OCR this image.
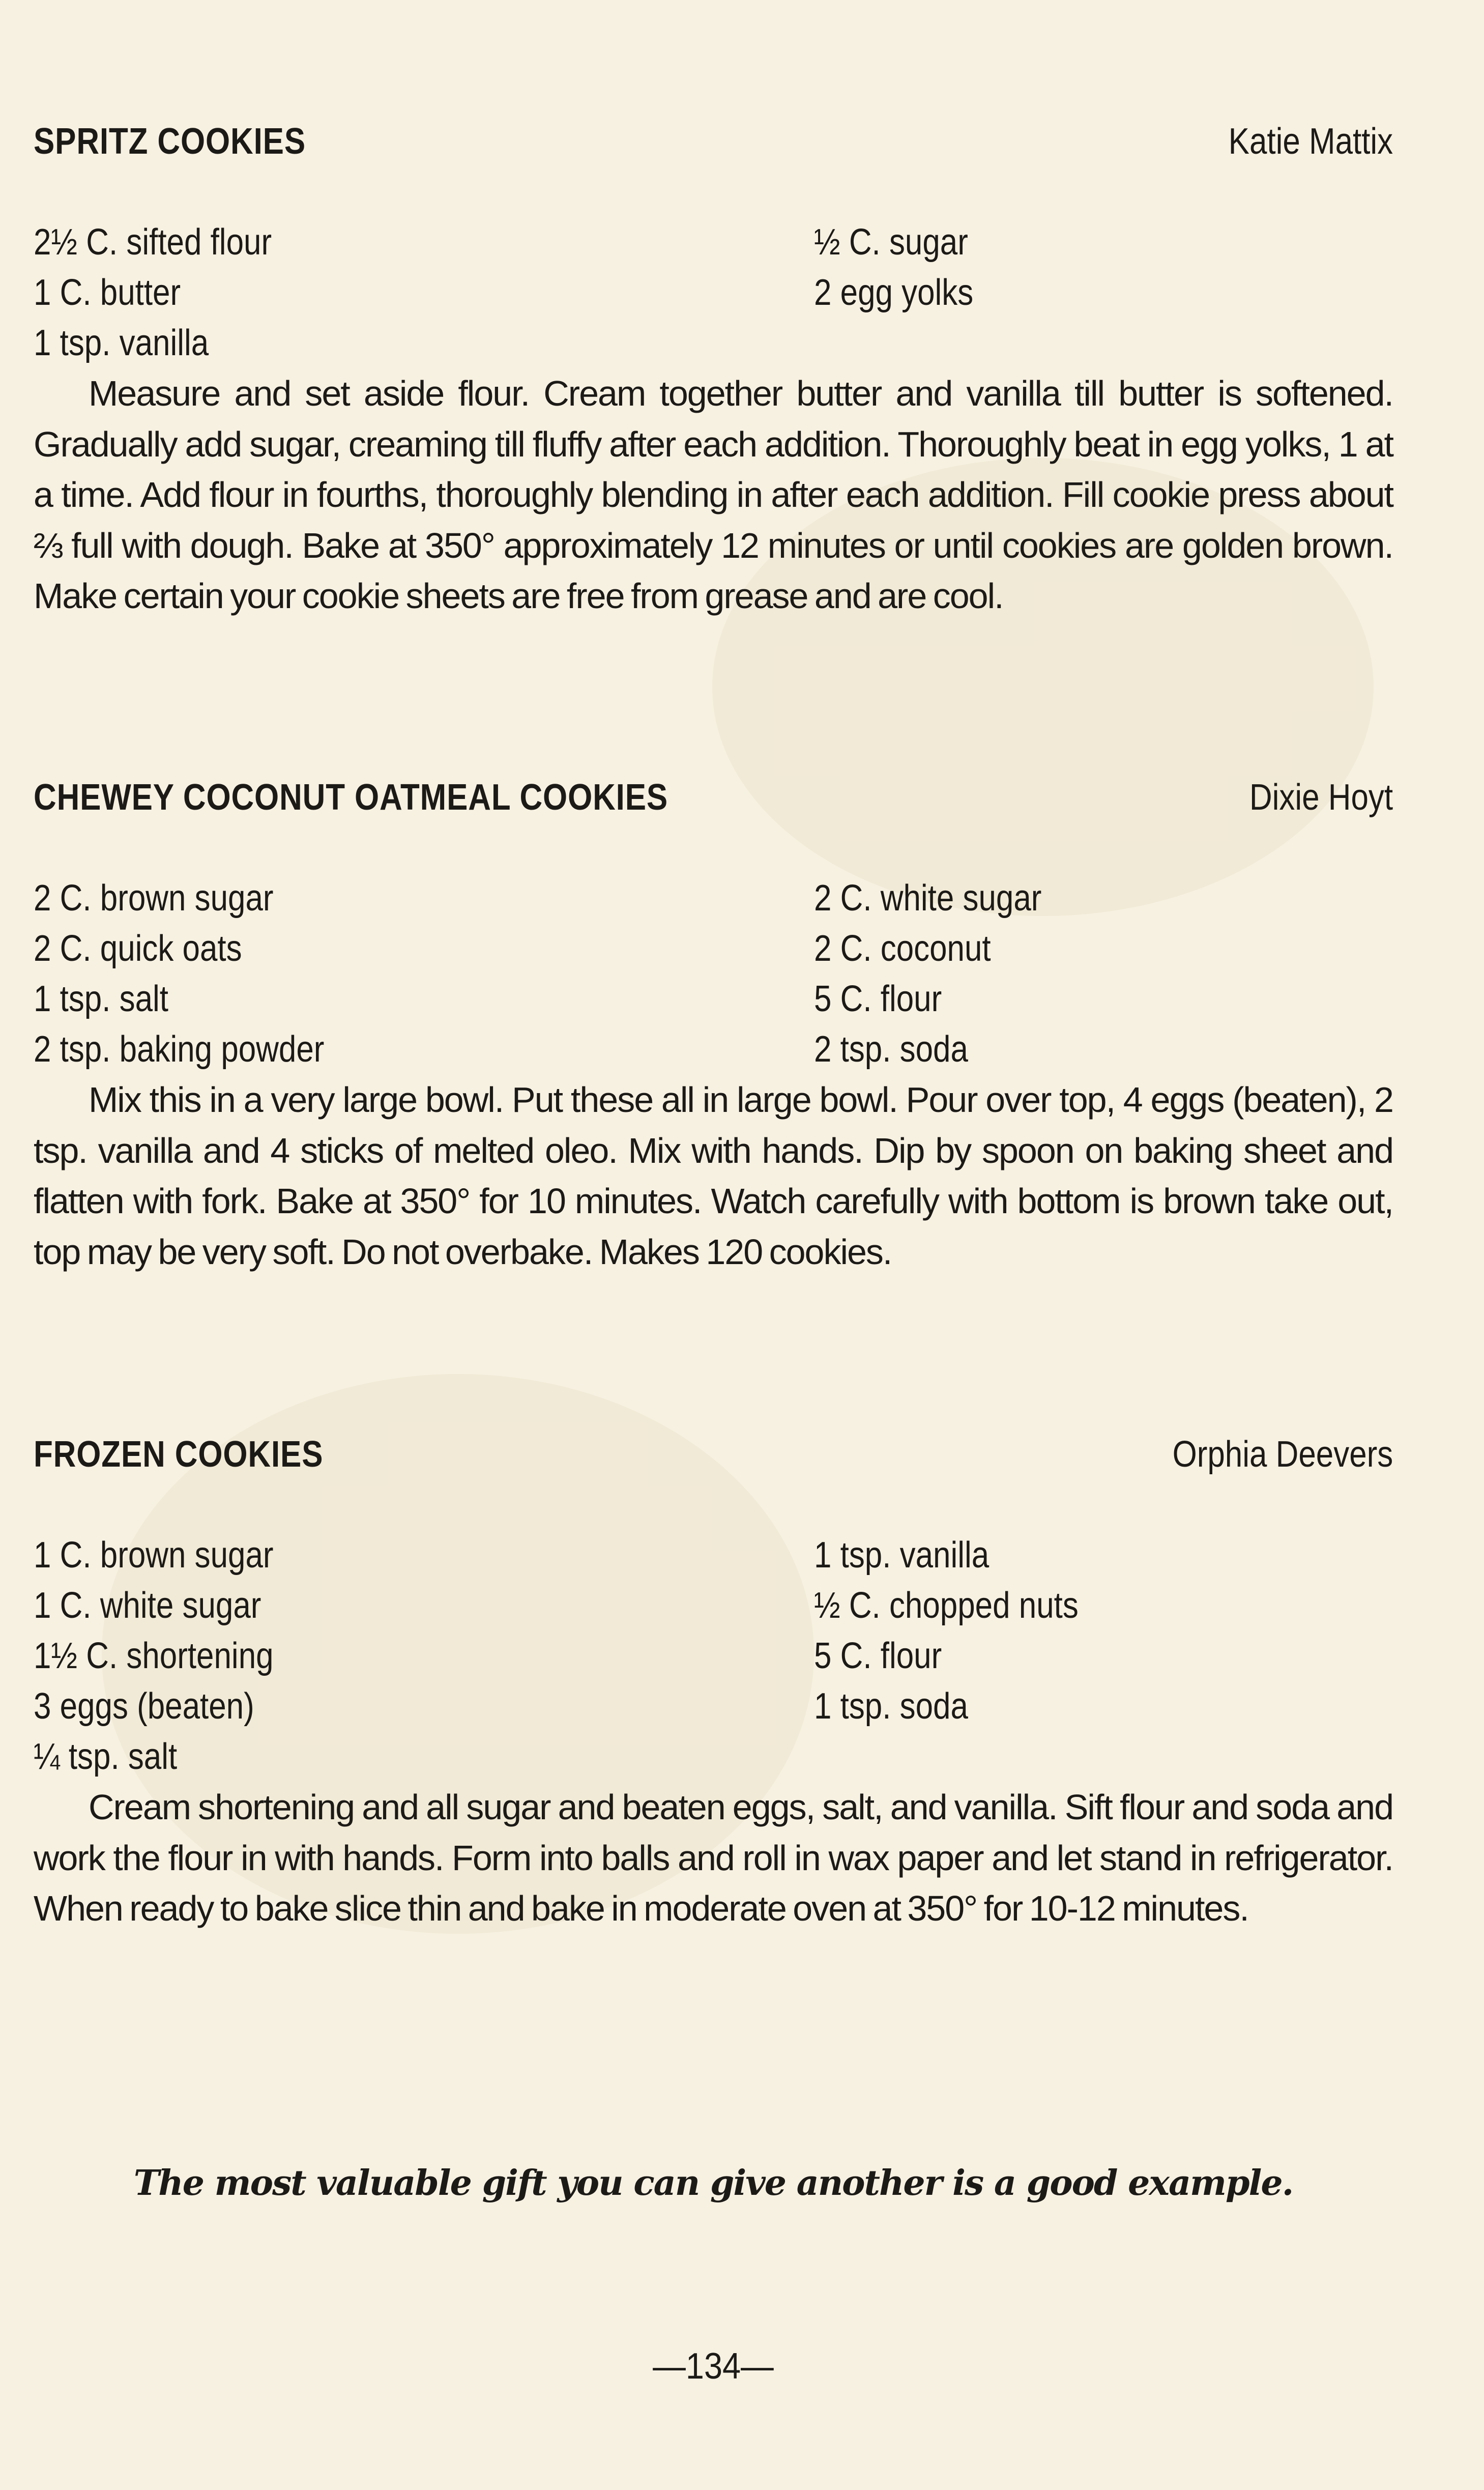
SPRITZ COOKIES	Katie Mattix
2½ C. sifted flour	½ C. sugar
1 C. butter	2 egg yolks
1 tsp. vanilla

Measure and set aside flour. Cream together butter and vanilla till butter is softened. Gradually add sugar, creaming till fluffy after each addition. Thoroughly beat in egg yolks, 1 at a time. Add flour in fourths, thoroughly blending in after each addition. Fill cookie press about ⅔ full with dough. Bake at 350° approximately 12 minutes or until cookies are golden brown. Make certain your cookie sheets are free from grease and are cool.

CHEWEY COCONUT OATMEAL COOKIES	Dixie Hoyt
2 C. brown sugar	2 C. white sugar
2 C. quick oats	2 C. coconut
1 tsp. salt	5 C. flour
2 tsp. baking powder	2 tsp. soda

Mix this in a very large bowl. Put these all in large bowl. Pour over top, 4 eggs (beaten), 2 tsp. vanilla and 4 sticks of melted oleo. Mix with hands. Dip by spoon on baking sheet and flatten with fork. Bake at 350° for 10 minutes. Watch carefully with bottom is brown take out, top may be very soft. Do not overbake. Makes 120 cookies.

FROZEN COOKIES	Orphia Deevers
1 C. brown sugar	1 tsp. vanilla
1 C. white sugar	½ C. chopped nuts
1½ C. shortening	5 C. flour
3 eggs (beaten)	1 tsp. soda
¼ tsp. salt

Cream shortening and all sugar and beaten eggs, salt, and vanilla. Sift flour and soda and work the flour in with hands. Form into balls and roll in wax paper and let stand in refrigerator. When ready to bake slice thin and bake in moderate oven at 350° for 10-12 minutes.

The most valuable gift you can give another is a good example.
—134—
